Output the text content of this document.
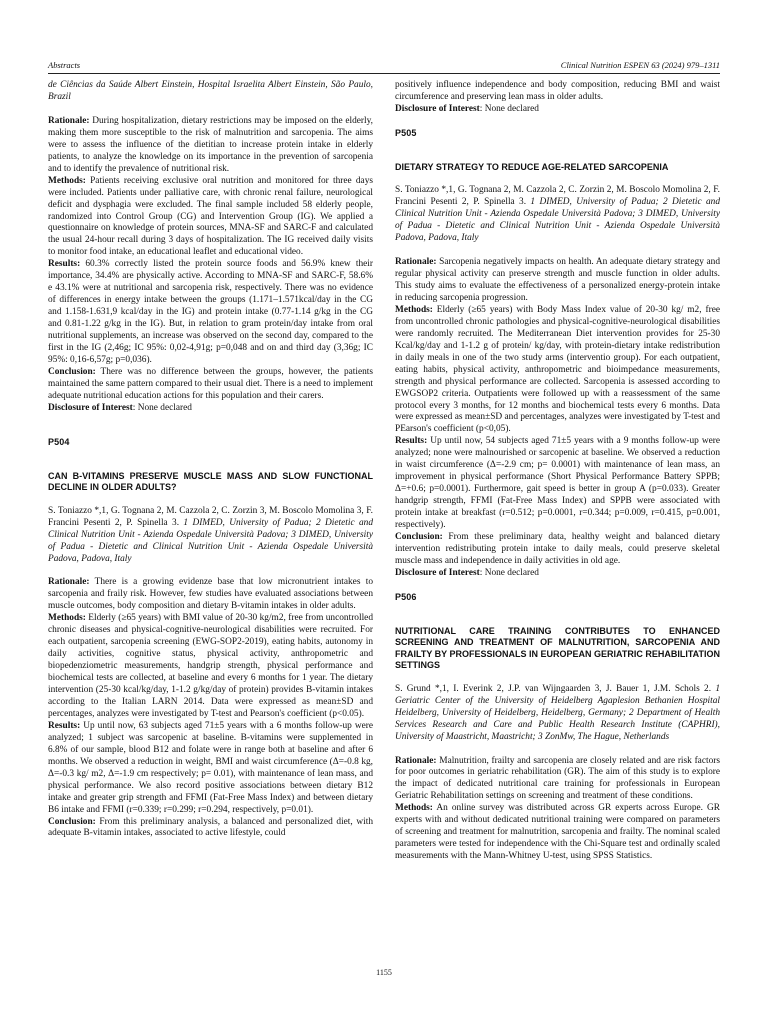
Abstracts	Clinical Nutrition ESPEN 63 (2024) 979–1311

de Ciências da Saúde Albert Einstein, Hospital Israelita Albert Einstein, São Paulo, Brazil

Rationale: During hospitalization, dietary restrictions may be imposed on the elderly, making them more susceptible to the risk of malnutrition and sarcopenia. The aims were to assess the influence of the dietitian to increase protein intake in elderly patients, to analyze the knowledge on its importance in the prevention of sarcopenia and to identify the prevalence of nutritional risk.

Methods: Patients receiving exclusive oral nutrition and monitored for three days were included. Patients under palliative care, with chronic renal failure, neurological deficit and dysphagia were excluded. The final sample included 58 elderly people, randomized into Control Group (CG) and Intervention Group (IG). We applied a questionnaire on knowledge of protein sources, MNA-SF and SARC-F and calculated the usual 24-hour recall during 3 days of hospitalization. The IG received daily visits to monitor food intake, an educational leaflet and educational video.

Results: 60.3% correctly listed the protein source foods and 56.9% knew their importance, 34.4% are physically active. According to MNA-SF and SARC-F, 58.6% e 43.1% were at nutritional and sarcopenia risk, respectively. There was no evidence of differences in energy intake between the groups (1.171–1.571kcal/day in the CG and 1.158-1.631,9 kcal/day in the IG) and protein intake (0.77-1.14 g/kg in the CG and 0.81-1.22 g/kg in the IG). But, in relation to gram protein/day intake from oral nutritional supplements, an increase was observed on the second day, compared to the first in the IG (2,46g; IC 95%: 0,02-4,91g; p=0,048 and on and third day (3,36g; IC 95%: 0,16-6,57g; p=0,036).

Conclusion: There was no difference between the groups, however, the patients maintained the same pattern compared to their usual diet. There is a need to implement adequate nutritional education actions for this population and their carers.

Disclosure of Interest: None declared

P504

CAN B-VITAMINS PRESERVE MUSCLE MASS AND SLOW FUNCTIONAL DECLINE IN OLDER ADULTS?

S. Toniazzo *,1, G. Tognana 2, M. Cazzola 2, C. Zorzin 3, M. Boscolo Momolina 3, F. Francini Pesenti 2, P. Spinella 3. 1 DIMED, University of Padua; 2 Dietetic and Clinical Nutrition Unit - Azienda Ospedale Università Padova; 3 DIMED, University of Padua - Dietetic and Clinical Nutrition Unit - Azienda Ospedale Università Padova, Padova, Italy

Rationale: There is a growing evidenze base that low micronutrient intakes to sarcopenia and fraily risk. However, few studies have evaluated associations between muscle outcomes, body composition and dietary B-vitamin intakes in older adults.

Methods: Elderly (≥65 years) with BMI value of 20-30 kg/m2, free from uncontrolled chronic diseases and physical-cognitive-neurological disabilities were recruited. For each outpatient, sarcopenia screening (EWG-SOP2-2019), eating habits, autonomy in daily activities, cognitive status, physical activity, anthropometric and biopedenziometric measurements, handgrip strength, physical performance and biochemical tests are collected, at baseline and every 6 months for 1 year. The dietary intervention (25-30 kcal/kg/day, 1-1.2 g/kg/day of protein) provides B-vitamin intakes according to the Italian LARN 2014. Data were expressed as mean±SD and percentages, analyzes were investigated by T-test and Pearson's coefficient (p<0.05).

Results: Up until now, 63 subjects aged 71±5 years with a 6 months follow-up were analyzed; 1 subject was sarcopenic at baseline. B-vitamins were supplemented in 6.8% of our sample, blood B12 and folate were in range both at baseline and after 6 months. We observed a reduction in weight, BMI and waist circumference (Δ=-0.8 kg, Δ=-0.3 kg/ m2, Δ=-1.9 cm respectively; p= 0.01), with maintenance of lean mass, and physical performance. We also record positive associations between dietary B12 intake and greater grip strength and FFMI (Fat-Free Mass Index) and between dietary B6 intake and FFMI (r=0.339; r=0.299; r=0.294, respectively, p=0.01).

Conclusion: From this preliminary analysis, a balanced and personalized diet, with adequate B-vitamin intakes, associated to active lifestyle, could

positively influence independence and body composition, reducing BMI and waist circumference and preserving lean mass in older adults.

Disclosure of Interest: None declared

P505

DIETARY STRATEGY TO REDUCE AGE-RELATED SARCOPENIA

S. Toniazzo *,1, G. Tognana 2, M. Cazzola 2, C. Zorzin 2, M. Boscolo Momolina 2, F. Francini Pesenti 2, P. Spinella 3. 1 DIMED, University of Padua; 2 Dietetic and Clinical Nutrition Unit - Azienda Ospedale Università Padova; 3 DIMED, University of Padua - Dietetic and Clinical Nutrition Unit - Azienda Ospedale Università Padova, Padova, Italy

Rationale: Sarcopenia negatively impacts on health. An adequate dietary strategy and regular physical activity can preserve strength and muscle function in older adults. This study aims to evaluate the effectiveness of a personalized energy-protein intake in reducing sarcopenia progression.

Methods: Elderly (≥65 years) with Body Mass Index value of 20-30 kg/ m2, free from uncontrolled chronic pathologies and physical-cognitive-neurological disabilities were randomly recruited. The Mediterranean Diet intervention provides for 25-30 Kcal/kg/day and 1-1.2 g of protein/ kg/day, with protein-dietary intake redistribution in daily meals in one of the two study arms (interventio group). For each outpatient, eating habits, physical activity, anthropometric and bioimpedance measurements, strength and physical performance are collected. Sarcopenia is assessed according to EWGSOP2 criteria. Outpatients were followed up with a reassessment of the same protocol every 3 months, for 12 months and biochemical tests every 6 months. Data were expressed as mean±SD and percentages, analyzes were investigated by T-test and PEarson's coefficient (p<0,05).

Results: Up until now, 54 subjects aged 71±5 years with a 9 months follow-up were analyzed; none were malnourished or sarcopenic at baseline. We observed a reduction in waist circumference (Δ=-2.9 cm; p= 0.0001) with maintenance of lean mass, an improvement in physical performance (Short Physical Performance Battery SPPB; Δ=+0.6; p=0.0001). Furthermore, gait speed is better in group A (p=0.033). Greater handgrip strength, FFMI (Fat-Free Mass Index) and SPPB were associated with protein intake at breakfast (r=0.512; p=0.0001, r=0.344; p=0.009, r=0.415, p=0.001, respectively).

Conclusion: From these preliminary data, healthy weight and balanced dietary intervention redistributing protein intake to daily meals, could preserve skeletal muscle mass and independence in daily activities in old age.

Disclosure of Interest: None declared

P506

NUTRITIONAL CARE TRAINING CONTRIBUTES TO ENHANCED SCREENING AND TREATMENT OF MALNUTRITION, SARCOPENIA AND FRAILTY BY PROFESSIONALS IN EUROPEAN GERIATRIC REHABILITATION SETTINGS

S. Grund *,1, I. Everink 2, J.P. van Wijngaarden 3, J. Bauer 1, J.M. Schols 2. 1 Geriatric Center of the University of Heidelberg Agaplesion Bethanien Hospital Heidelberg, University of Heidelberg, Heidelberg, Germany; 2 Department of Health Services Research and Care and Public Health Research Institute (CAPHRI), University of Maastricht, Maastricht; 3 ZonMw, The Hague, Netherlands

Rationale: Malnutrition, frailty and sarcopenia are closely related and are risk factors for poor outcomes in geriatric rehabilitation (GR). The aim of this study is to explore the impact of dedicated nutritional care training for professionals in European Geriatric Rehabilitation settings on screening and treatment of these conditions.

Methods: An online survey was distributed across GR experts across Europe. GR experts with and without dedicated nutritional training were compared on parameters of screening and treatment for malnutrition, sarcopenia and frailty. The nominal scaled parameters were tested for independence with the Chi-Square test and ordinally scaled measurements with the Mann-Whitney U-test, using SPSS Statistics.

1155
